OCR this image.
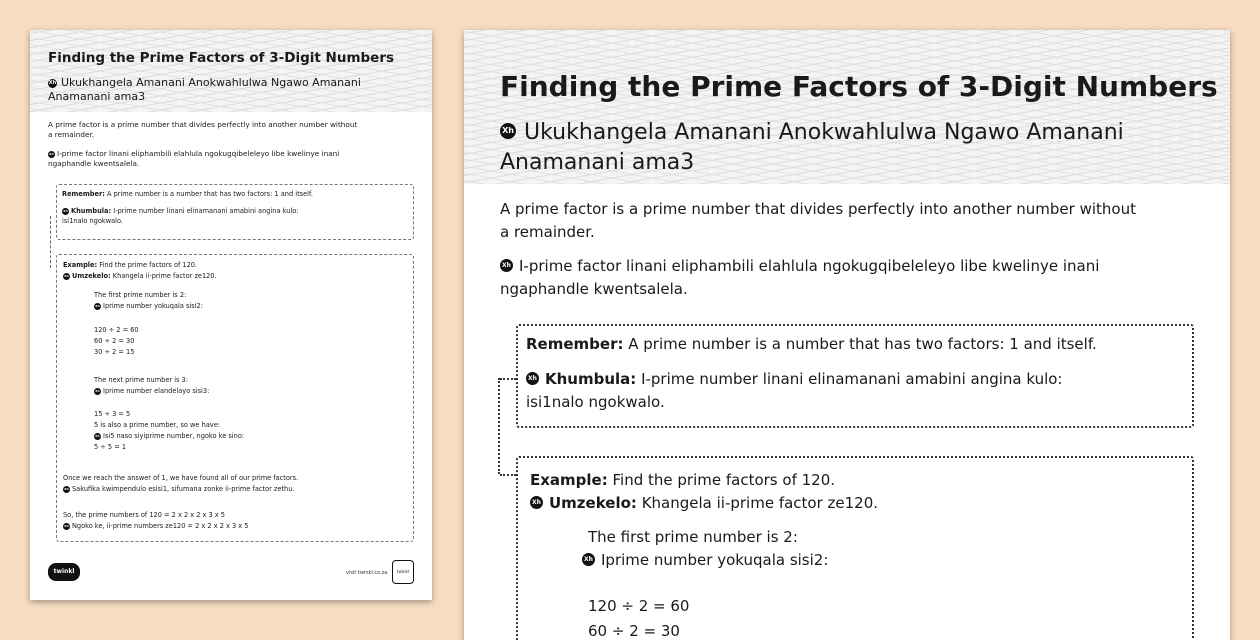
Finding the Prime Factors of 3-Digit Numbers
Xh Ukukhangela Amanani Anokwahlulwa Ngawo Amanani Anamanani ama3
A prime factor is a prime number that divides perfectly into another number without
a remainder.
Xh I-prime factor linani eliphambili elahlula ngokugqibeleleyo libe kwelinye inani
ngaphandle kwentsalela.
Remember: A prime number is a number that has two factors: 1 and itself.
Xh Khumbula: I-prime number linani elinamanani amabini angina kulo:
isi1nalo ngokwalo.
Example: Find the prime factors of 120.
Xh Umzekelo: Khangela ii-prime factor ze120.
The first prime number is 2:
Xh Iprime number yokuqala sisi2:
120 ÷ 2 = 60
60 ÷ 2 = 30
30 ÷ 2 = 15
The next prime number is 3:
Xh Iprime number elandelayo sisi3:
15 ÷ 3 = 5
5 is also a prime number, so we have:
Xh Isi5 naso siyiprime number, ngoko ke sino:
5 ÷ 5 = 1
Once we reach the answer of 1, we have found all of our prime factors.
Xh Sakufika kwimpendulo esisi1, sifumana zonke ii-prime factor zethu.
So, the prime numbers of 120 = 2 x 2 x 2 x 3 x 5
Xh Ngoko ke, ii-prime numbers ze120 = 2 x 2 x 2 x 3 x 5
twinkl	visit twinkl.co.za	twinkl
Finding the Prime Factors of 3-Digit Numbers
Xh Ukukhangela Amanani Anokwahlulwa Ngawo Amanani Anamanani ama3
A prime factor is a prime number that divides perfectly into another number without
a remainder.
Xh I-prime factor linani eliphambili elahlula ngokugqibeleleyo libe kwelinye inani
ngaphandle kwentsalela.
Remember: A prime number is a number that has two factors: 1 and itself.
Xh Khumbula: I-prime number linani elinamanani amabini angina kulo:
isi1nalo ngokwalo.
Example: Find the prime factors of 120.
Xh Umzekelo: Khangela ii-prime factor ze120.
The first prime number is 2:
Xh Iprime number yokuqala sisi2:
120 ÷ 2 = 60
60 ÷ 2 = 30
